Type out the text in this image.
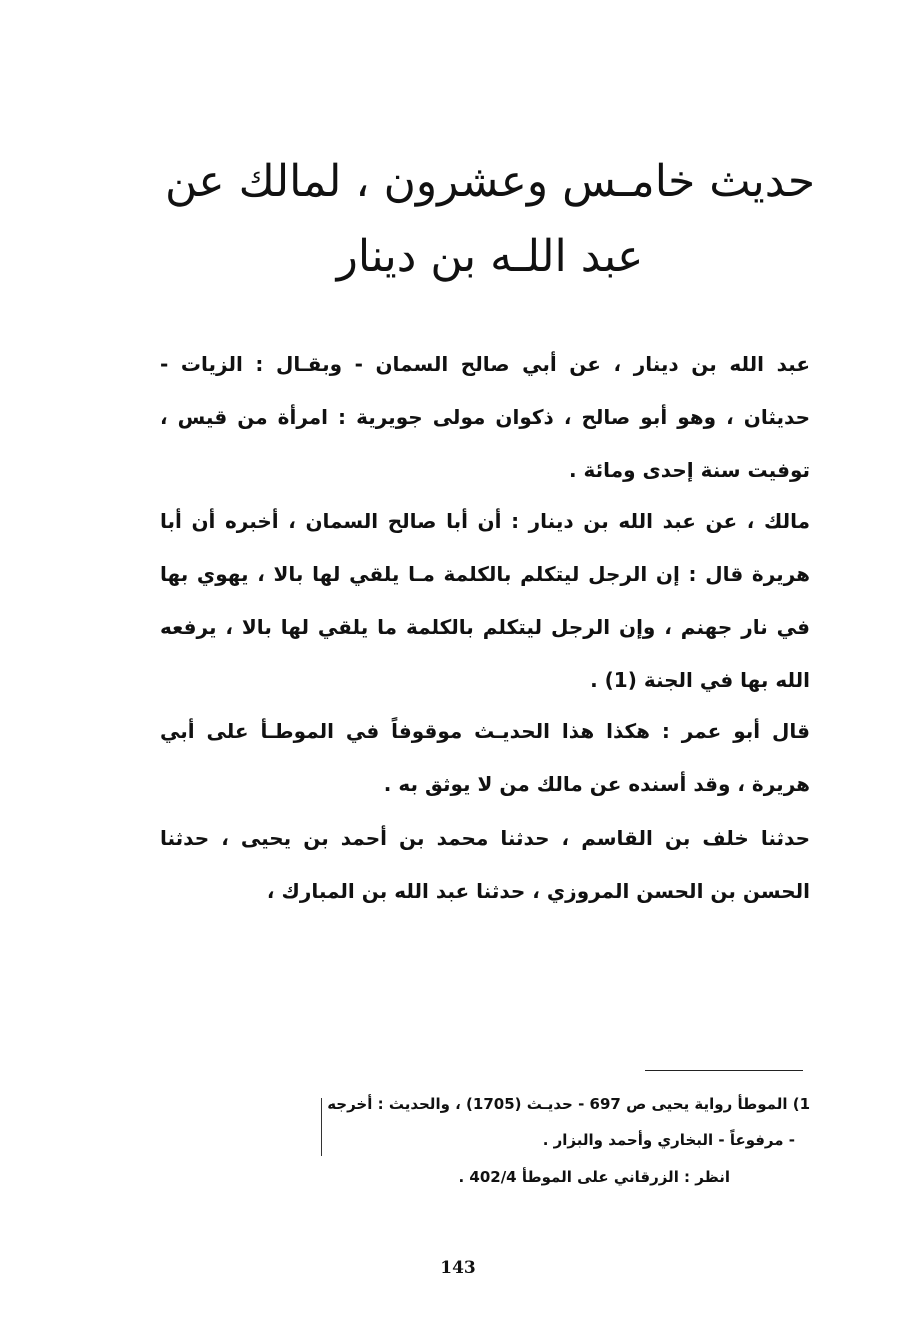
حديث خامـس وعشرون ، لمالك عن
عبد اللـه بن دينار

عبد الله بن دينار ، عن أبي صالح السمان - وبقـال : الزيات - حديثان ، وهو أبو صالح ، ذكوان مولى جويرية : امرأة من قيس ، توفيت سنة إحدى ومائة .

مالك ، عن عبد الله بن دينار : أن أبا صالح السمان ، أخبره أن أبا هريرة قال : إن الرجل ليتكلم بالكلمة مـا يلقي لها بالا ، يهوي بها في نار جهنم ، وإن الرجل ليتكلم بالكلمة ما يلقي لها بالا ، يرفعه الله بها في الجنة (1) .

قال أبو عمر : هكذا هذا الحديـث موقوفاً في الموطـأ على أبي هريرة ، وقد أسنده عن مالك من لا يوثق به .

حدثنا خلف بن القاسم ، حدثنا محمد بن أحمد بن يحيى ، حدثنا الحسن بن الحسن المروزي ، حدثنا عبد الله بن المبارك ،

1) الموطأ رواية يحيى ص 697 - حديـث (1705) ، والحديث : أخرجه

- مرفوعاً - البخاري وأحمد والبزار .

انظر : الزرقاني على الموطأ 402/4 .

143
